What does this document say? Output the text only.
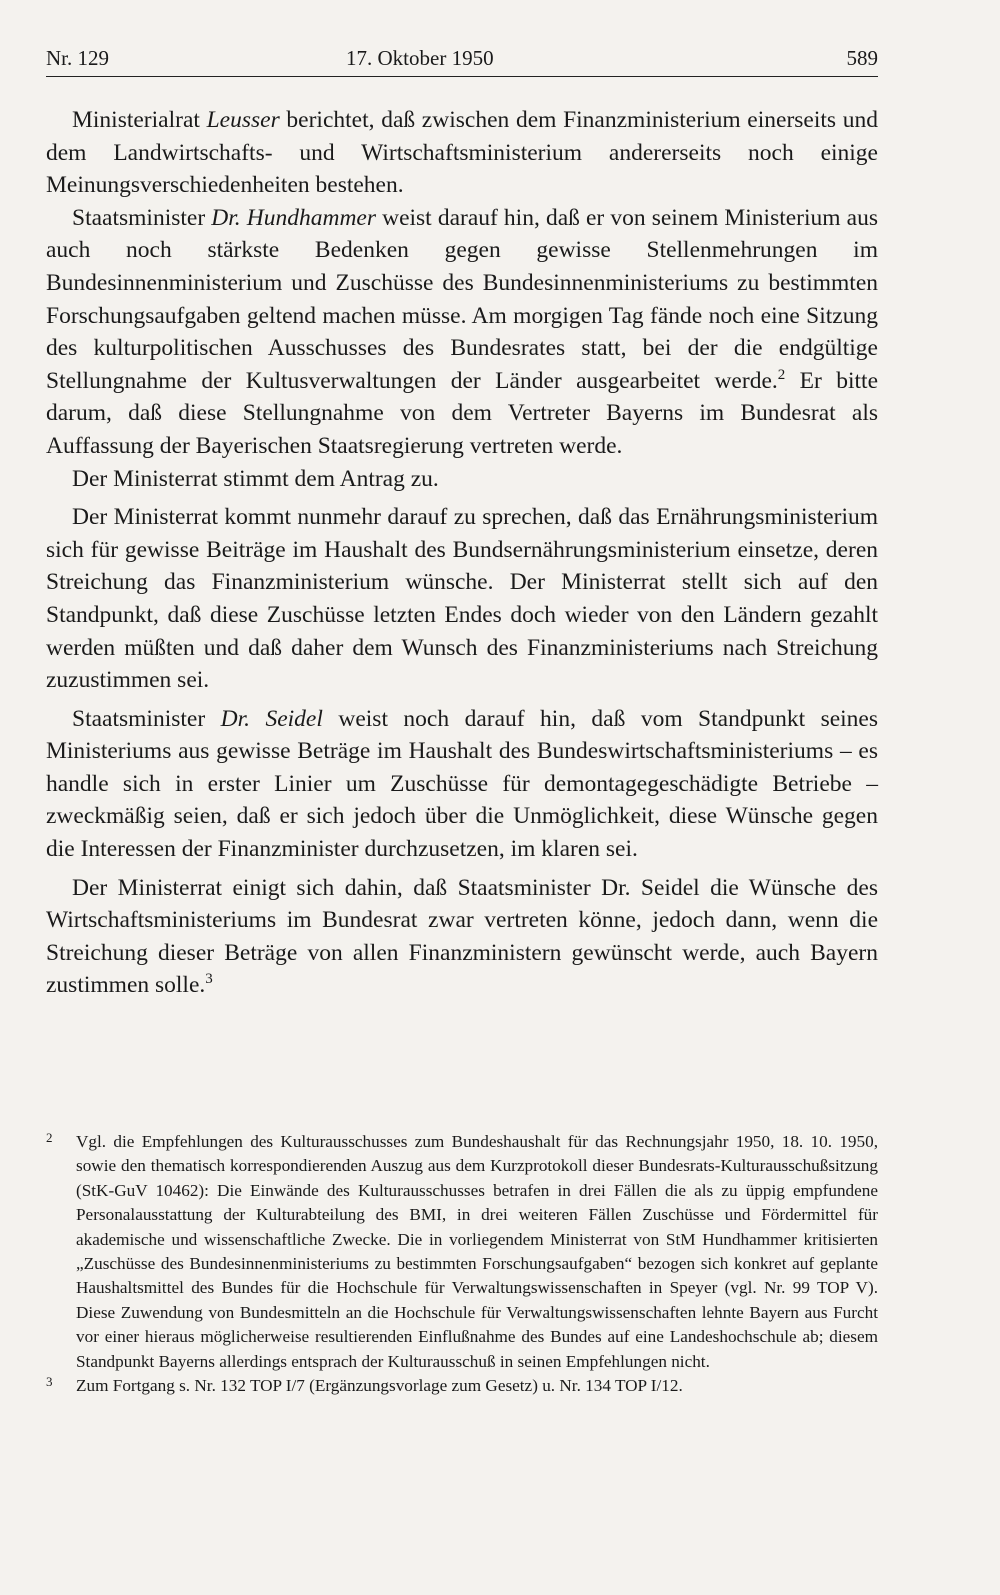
Nr. 129	17. Oktober 1950	589

Ministerialrat Leusser berichtet, daß zwischen dem Finanzministerium einerseits und dem Landwirtschafts- und Wirtschaftsministerium andererseits noch einige Meinungsverschiedenheiten bestehen.

Staatsminister Dr. Hundhammer weist darauf hin, daß er von seinem Ministerium aus auch noch stärkste Bedenken gegen gewisse Stellenmehrungen im Bundesinnenministerium und Zuschüsse des Bundesinnenministeriums zu bestimmten Forschungsaufgaben geltend machen müsse. Am morgigen Tag fände noch eine Sitzung des kulturpolitischen Ausschusses des Bundesrates statt, bei der die endgültige Stellungnahme der Kultusverwaltungen der Länder ausgearbeitet werde.$^2$ Er bitte darum, daß diese Stellungnahme von dem Vertreter Bayerns im Bundesrat als Auffassung der Bayerischen Staatsregierung vertreten werde.

Der Ministerrat stimmt dem Antrag zu.

Der Ministerrat kommt nunmehr darauf zu sprechen, daß das Ernährungsministerium sich für gewisse Beiträge im Haushalt des Bundsernährungsministerium einsetze, deren Streichung das Finanzministerium wünsche. Der Ministerrat stellt sich auf den Standpunkt, daß diese Zuschüsse letzten Endes doch wieder von den Ländern gezahlt werden müßten und daß daher dem Wunsch des Finanzministeriums nach Streichung zuzustimmen sei.

Staatsminister Dr. Seidel weist noch darauf hin, daß vom Standpunkt seines Ministeriums aus gewisse Beträge im Haushalt des Bundeswirtschaftsministeriums – es handle sich in erster Linier um Zuschüsse für demontagegeschädigte Betriebe – zweckmäßig seien, daß er sich jedoch über die Unmöglichkeit, diese Wünsche gegen die Interessen der Finanzminister durchzusetzen, im klaren sei.

Der Ministerrat einigt sich dahin, daß Staatsminister Dr. Seidel die Wünsche des Wirtschaftsministeriums im Bundesrat zwar vertreten könne, jedoch dann, wenn die Streichung dieser Beträge von allen Finanzministern gewünscht werde, auch Bayern zustimmen solle.$^3$

2 Vgl. die Empfehlungen des Kulturausschusses zum Bundeshaushalt für das Rechnungsjahr 1950, 18. 10. 1950, sowie den thematisch korrespondierenden Auszug aus dem Kurzprotokoll dieser Bundesrats-Kulturausschußsitzung (StK-GuV 10462): Die Einwände des Kulturausschusses betrafen in drei Fällen die als zu üppig empfundene Personalausstattung der Kulturabteilung des BMI, in drei weiteren Fällen Zuschüsse und Fördermittel für akademische und wissenschaftliche Zwecke. Die in vorliegendem Ministerrat von StM Hundhammer kritisierten „Zuschüsse des Bundesinnenministeriums zu bestimmten Forschungsaufgaben“ bezogen sich konkret auf geplante Haushaltsmittel des Bundes für die Hochschule für Verwaltungswissenschaften in Speyer (vgl. Nr. 99 TOP V). Diese Zuwendung von Bundesmitteln an die Hochschule für Verwaltungswissenschaften lehnte Bayern aus Furcht vor einer hieraus möglicherweise resultierenden Einflußnahme des Bundes auf eine Landeshochschule ab; diesem Standpunkt Bayerns allerdings entsprach der Kulturausschuß in seinen Empfehlungen nicht.

3 Zum Fortgang s. Nr. 132 TOP I/7 (Ergänzungsvorlage zum Gesetz) u. Nr. 134 TOP I/12.
